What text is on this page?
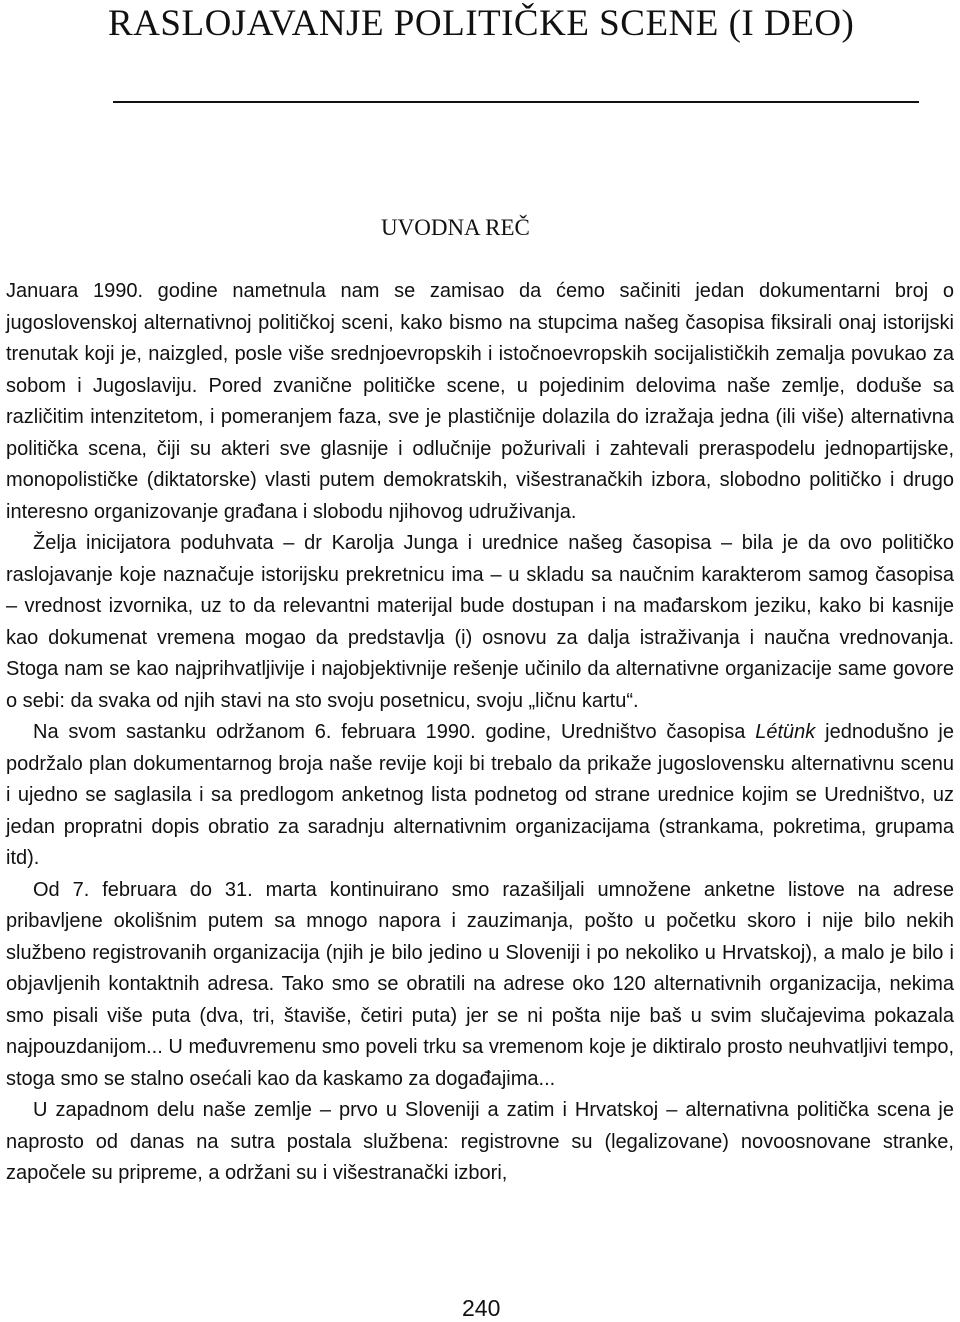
RASLOJAVANJE POLITIČKE SCENE (I DEO)
UVODNA REČ

Januara 1990. godine nametnula nam se zamisao da ćemo sačiniti jedan dokumentarni broj o jugoslovenskoj alternativnoj političkoj sceni, kako bismo na stupcima našeg časopisa fiksirali onaj istorijski trenutak koji je, naizgled, posle više srednjoevropskih i istočnoevropskih socijalističkih zemalja povukao za sobom i Jugoslaviju. Pored zvanične političke scene, u pojedinim delovima naše zemlje, doduše sa različitim intenzitetom, i pomeranjem faza, sve je plastičnije dolazila do izražaja jedna (ili više) alternativna politička scena, čiji su akteri sve glasnije i odlučnije požurivali i zahtevali preraspodelu jednopartijske, monopolističke (diktatorske) vlasti putem demokratskih, višestranačkih izbora, slobodno političko i drugo interesno organizovanje građana i slobodu njihovog udruživanja.

Želja inicijatora poduhvata – dr Karolja Junga i urednice našeg časopisa – bila je da ovo političko raslojavanje koje naznačuje istorijsku prekretnicu ima – u skladu sa naučnim karakterom samog časopisa – vrednost izvornika, uz to da relevantni materijal bude dostupan i na mađarskom jeziku, kako bi kasnije kao dokumenat vremena mogao da predstavlja (i) osnovu za dalja istraživanja i naučna vrednovanja. Stoga nam se kao najprihvatljivije i najobjektivnije rešenje učinilo da alternativne organizacije same govore o sebi: da svaka od njih stavi na sto svoju posetnicu, svoju „ličnu kartu“.

Na svom sastanku održanom 6. februara 1990. godine, Uredništvo časopisa Létünk jednodušno je podržalo plan dokumentarnog broja naše revije koji bi trebalo da prikaže jugoslovensku alternativnu scenu i ujedno se saglasila i sa predlogom anketnog lista podnetog od strane urednice kojim se Uredništvo, uz jedan propratni dopis obratio za saradnju alternativnim organizacijama (strankama, pokretima, grupama itd).

Od 7. februara do 31. marta kontinuirano smo razašiljali umnožene anketne listove na adrese pribavljene okolišnim putem sa mnogo napora i zauzimanja, pošto u početku skoro i nije bilo nekih službeno registrovanih organizacija (njih je bilo jedino u Sloveniji i po nekoliko u Hrvatskoj), a malo je bilo i objavljenih kontaktnih adresa. Tako smo se obratili na adrese oko 120 alternativnih organizacija, nekima smo pisali više puta (dva, tri, štaviše, četiri puta) jer se ni pošta nije baš u svim slučajevima pokazala najpouzdanijom... U međuvremenu smo poveli trku sa vremenom koje je diktiralo prosto neuhvatljivi tempo, stoga smo se stalno osećali kao da kaskamo za događajima...

U zapadnom delu naše zemlje – prvo u Sloveniji a zatim i Hrvatskoj – alternativna politička scena je naprosto od danas na sutra postala službena: registrovne su (legalizovane) novoosnovane stranke, započele su pripreme, a održani su i višestranački izbori,

240
